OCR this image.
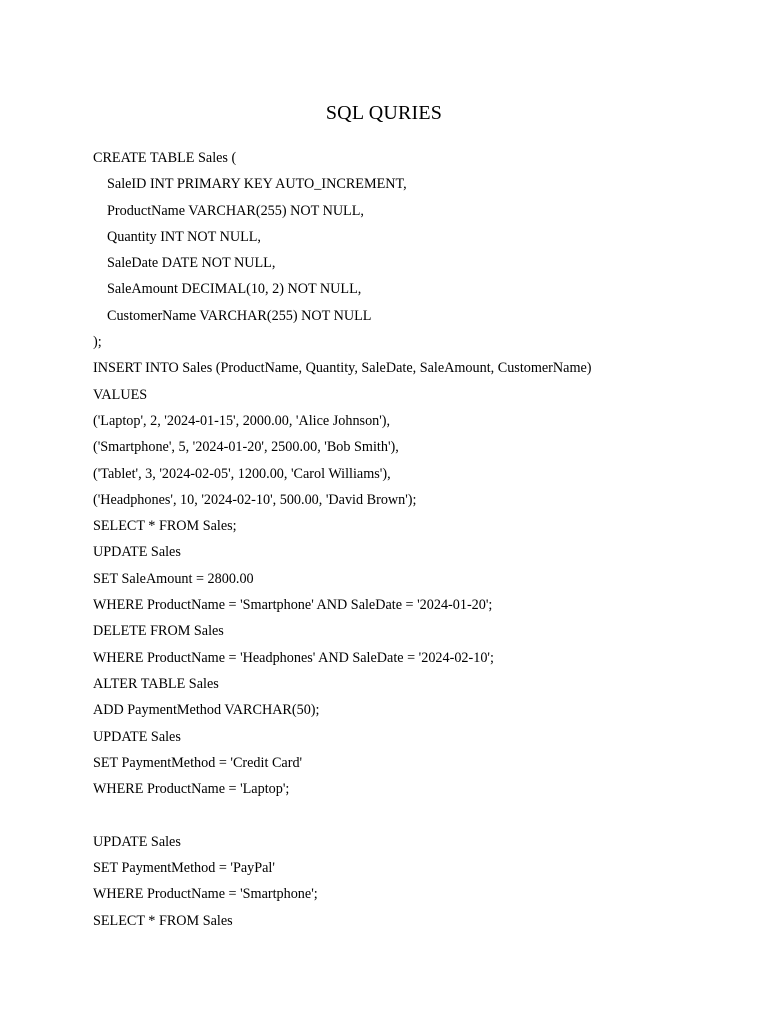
SQL QURIES
CREATE TABLE Sales (
SaleID INT PRIMARY KEY AUTO_INCREMENT,
ProductName VARCHAR(255) NOT NULL,
Quantity INT NOT NULL,
SaleDate DATE NOT NULL,
SaleAmount DECIMAL(10, 2) NOT NULL,
CustomerName VARCHAR(255) NOT NULL
);
INSERT INTO Sales (ProductName, Quantity, SaleDate, SaleAmount, CustomerName)
VALUES
('Laptop', 2, '2024-01-15', 2000.00, 'Alice Johnson'),
('Smartphone', 5, '2024-01-20', 2500.00, 'Bob Smith'),
('Tablet', 3, '2024-02-05', 1200.00, 'Carol Williams'),
('Headphones', 10, '2024-02-10', 500.00, 'David Brown');
SELECT * FROM Sales;
UPDATE Sales
SET SaleAmount = 2800.00
WHERE ProductName = 'Smartphone' AND SaleDate = '2024-01-20';
DELETE FROM Sales
WHERE ProductName = 'Headphones' AND SaleDate = '2024-02-10';
ALTER TABLE Sales
ADD PaymentMethod VARCHAR(50);
UPDATE Sales
SET PaymentMethod = 'Credit Card'
WHERE ProductName = 'Laptop';
UPDATE Sales
SET PaymentMethod = 'PayPal'
WHERE ProductName = 'Smartphone';
SELECT * FROM Sales
